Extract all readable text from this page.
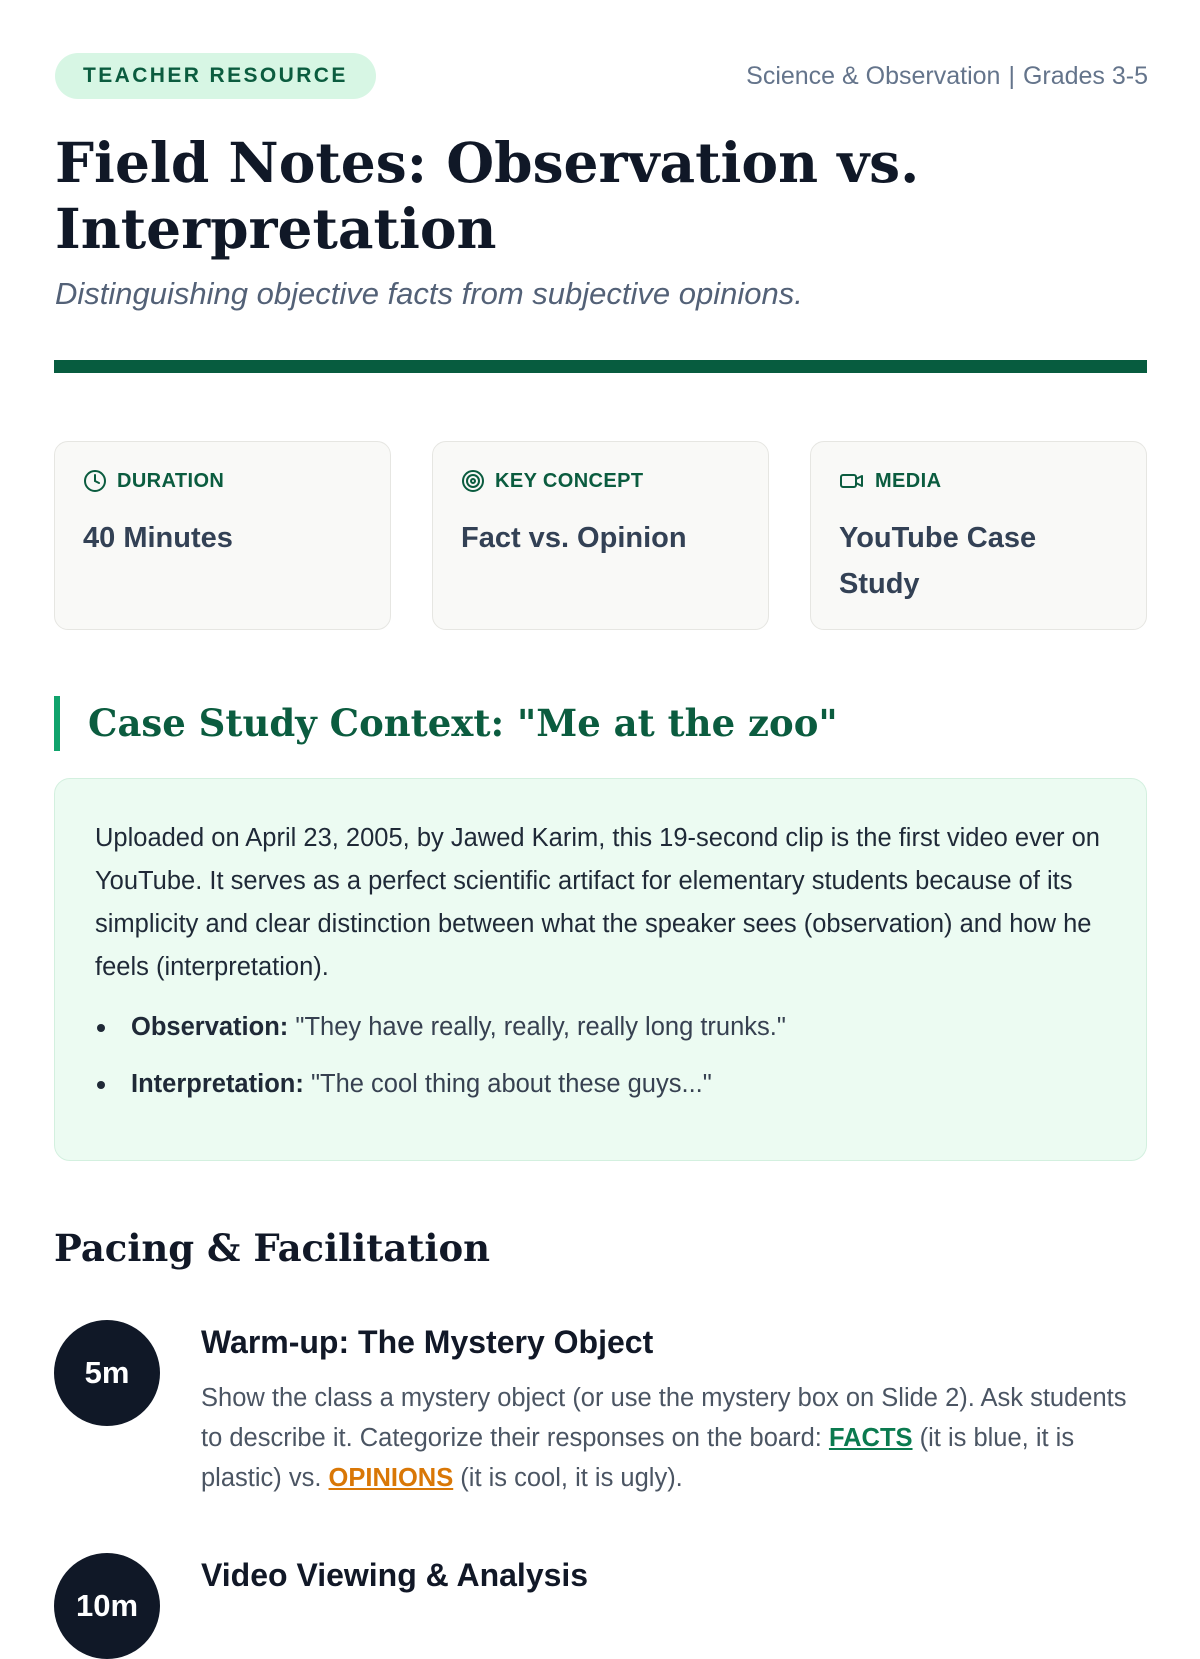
TEACHER RESOURCE	Science & Observation | Grades 3-5
Field Notes: Observation vs. Interpretation
Distinguishing objective facts from subjective opinions.
DURATION
40 Minutes
KEY CONCEPT
Fact vs. Opinion
MEDIA
YouTube Case Study
Case Study Context: "Me at the zoo"

Uploaded on April 23, 2005, by Jawed Karim, this 19-second clip is the first video ever on YouTube. It serves as a perfect scientific artifact for elementary students because of its simplicity and clear distinction between what the speaker sees (observation) and how he feels (interpretation).

Observation: "They have really, really, really long trunks."
Interpretation: "The cool thing about these guys..."
Pacing & Facilitation
5m
Warm-up: The Mystery Object
Show the class a mystery object (or use the mystery box on Slide 2). Ask students to describe it. Categorize their responses on the board: FACTS (it is blue, it is plastic) vs. OPINIONS (it is cool, it is ugly).
10m
Video Viewing & Analysis
